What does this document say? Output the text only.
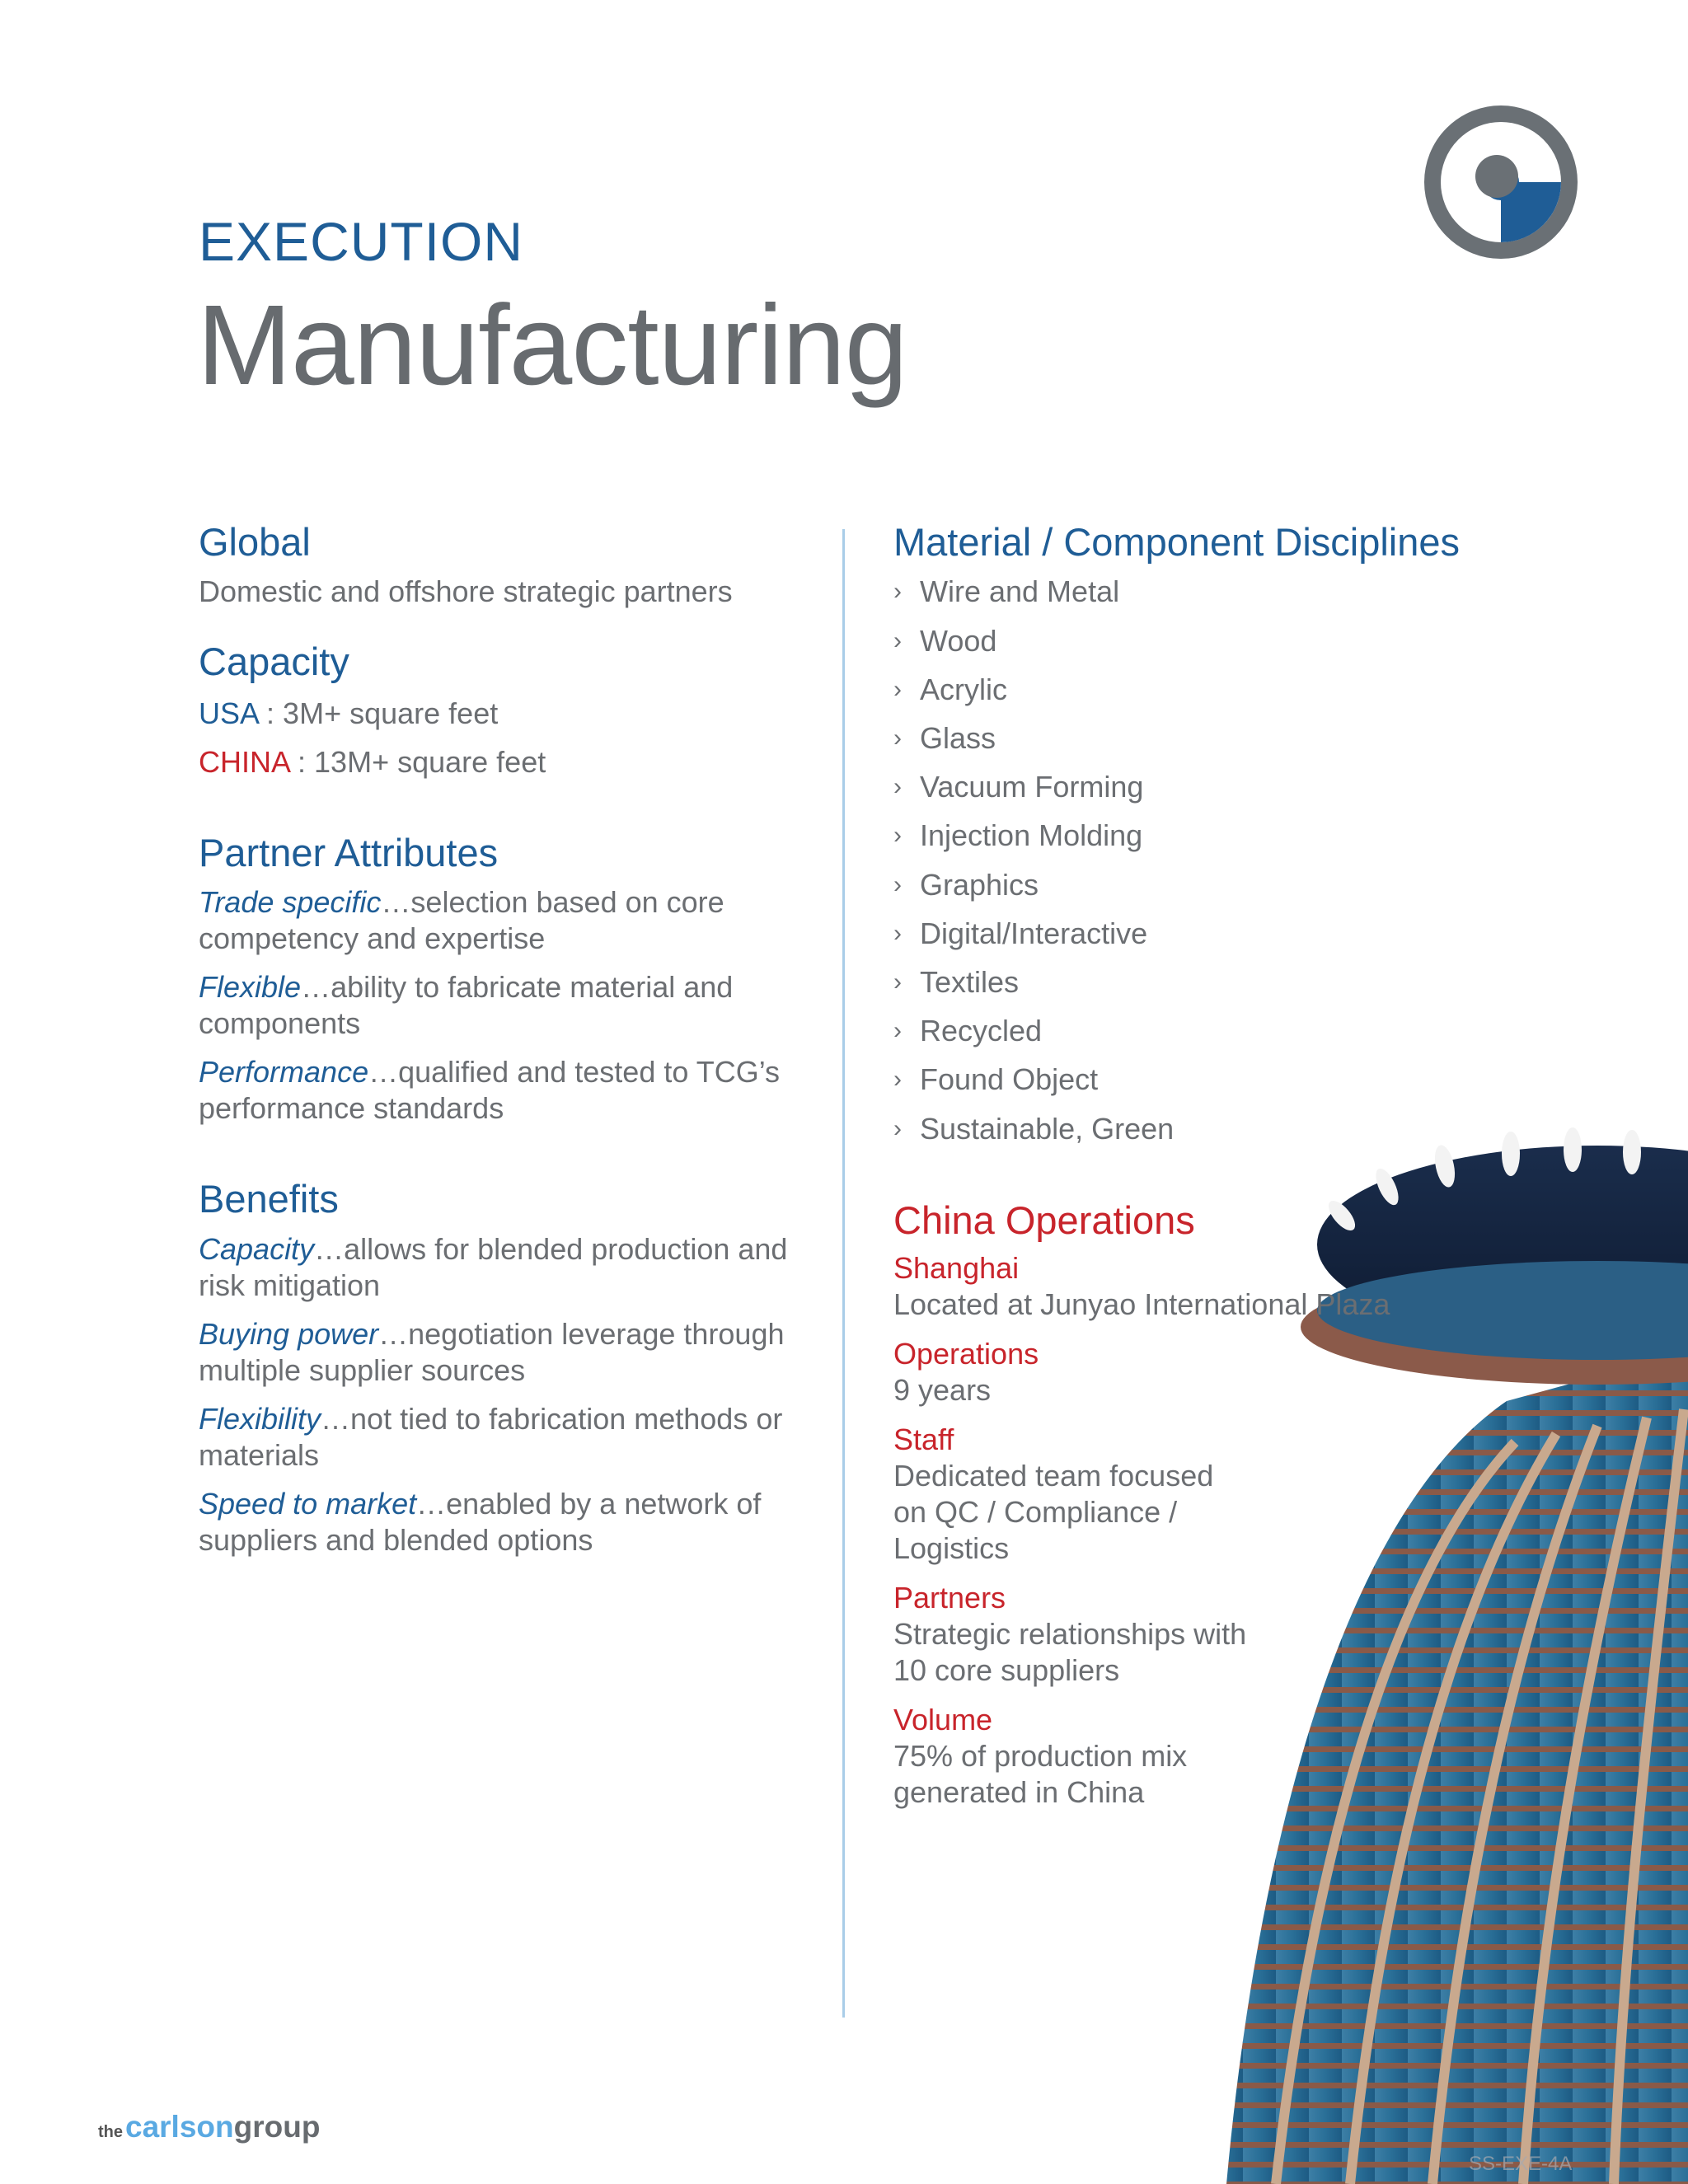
EXECUTION
Manufacturing
Global

Domestic and offshore strategic partners

Capacity

USA : 3M+ square feet

CHINA : 13M+ square feet

Partner Attributes

Trade specific…selection based on core competency and expertise

Flexible…ability to fabricate material and components

Performance…qualified and tested to TCG’s performance standards

Benefits

Capacity…allows for blended production and risk mitigation

Buying power…negotiation leverage through multiple supplier sources

Flexibility…not tied to fabrication methods or materials

Speed to market…enabled by a network of suppliers and blended options

Material / Component Disciplines
› Wire and Metal
› Wood
› Acrylic
› Glass
› Vacuum Forming
› Injection Molding
› Graphics
› Digital/Interactive
› Textiles
› Recycled
› Found Object
› Sustainable, Green
China Operations

Shanghai

Located at Junyao International Plaza

Operations

9 years

Staff

Dedicated team focused
on QC / Compliance /
Logistics

Partners

Strategic relationships with
10 core suppliers

Volume

75% of production mix
generated in China

the carlson group
SS-EXE-4A
